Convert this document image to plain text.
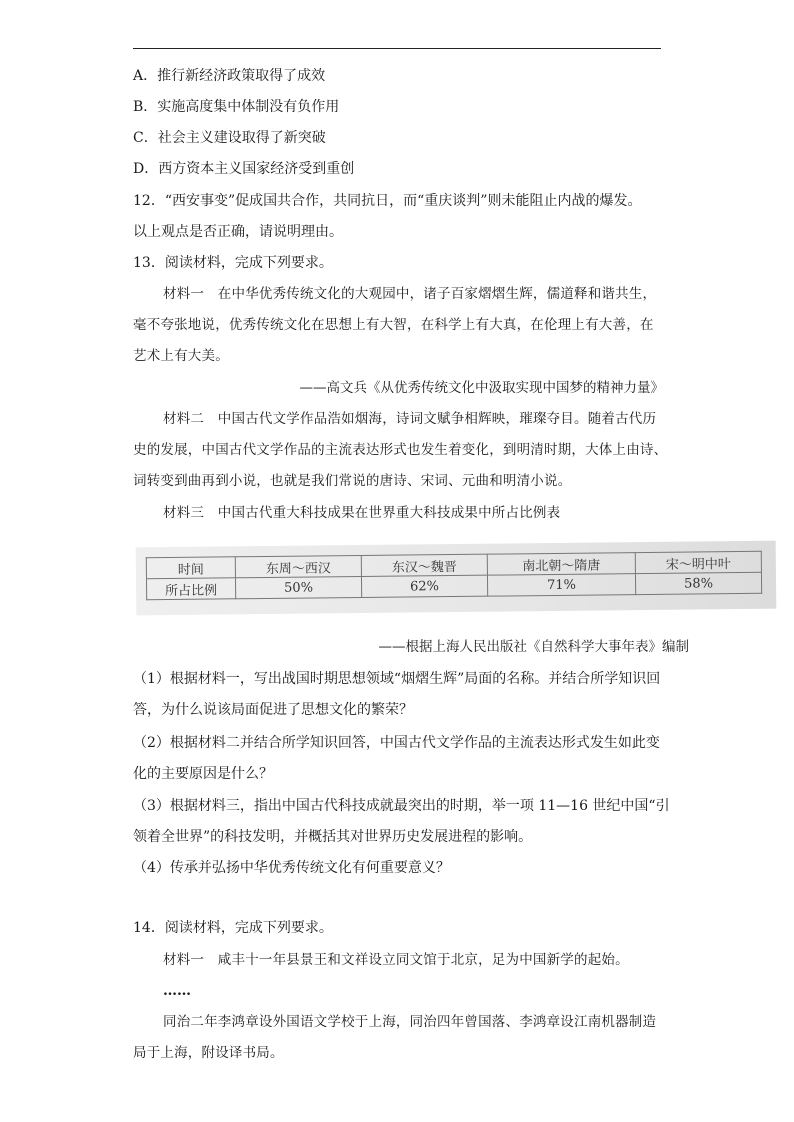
A．推行新经济政策取得了成效
B．实施高度集中体制没有负作用
C．社会主义建设取得了新突破
D．西方资本主义国家经济受到重创
12．“西安事变”促成国共合作，共同抗日，而“重庆谈判”则未能阻止内战的爆发。
以上观点是否正确，请说明理由。
13．阅读材料，完成下列要求。
材料一　在中华优秀传统文化的大观园中，诸子百家熠熠生辉，儒道释和谐共生，
毫不夸张地说，优秀传统文化在思想上有大智，在科学上有大真，在伦理上有大善，在
艺术上有大美。
——高文兵《从优秀传统文化中汲取实现中国梦的精神力量》
材料二　中国古代文学作品浩如烟海，诗词文赋争相辉映，璀璨夺目。随着古代历
史的发展，中国古代文学作品的主流表达形式也发生着变化，到明清时期，大体上由诗、
词转变到曲再到小说，也就是我们常说的唐诗、宋词、元曲和明清小说。
材料三　中国古代重大科技成果在世界重大科技成果中所占比例表
时间	东周～西汉	东汉～魏晋	南北朝～隋唐	宋～明中叶
所占比例	50%	62%	71%	58%
——根据上海人民出版社《自然科学大事年表》编制
（1）根据材料一，写出战国时期思想领域“烟熠生辉”局面的名称。并结合所学知识回
答，为什么说该局面促进了思想文化的繁荣？
（2）根据材料二并结合所学知识回答，中国古代文学作品的主流表达形式发生如此变
化的主要原因是什么？
（3）根据材料三，指出中国古代科技成就最突出的时期，举一项 11—16 世纪中国“引
领着全世界”的科技发明，并概括其对世界历史发展进程的影响。
（4）传承并弘扬中华优秀传统文化有何重要意义？
14．阅读材料，完成下列要求。
材料一　咸丰十一年县景王和文祥设立同文馆于北京，足为中国新学的起始。
……
同治二年李鸿章设外国语文学校于上海，同治四年曾国落、李鸿章设江南机器制造
局于上海，附设译书局。
